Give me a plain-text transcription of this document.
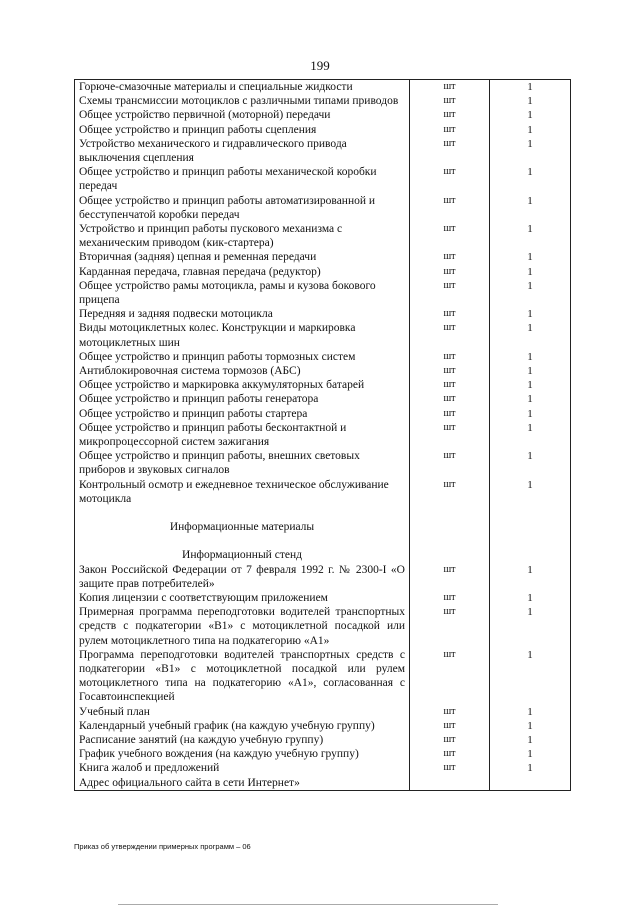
199
Горюче-смазочные материалы и специальные жидкости	шт	1
Схемы трансмиссии мотоциклов с различными типами приводов	шт	1
Общее устройство первичной (моторной) передачи	шт	1
Общее устройство и принцип работы сцепления	шт	1
Устройство механического и гидравлического привода выключения сцепления	шт	1
Общее устройство и принцип работы механической коробки передач	шт	1
Общее устройство и принцип работы автоматизированной и бесступенчатой коробки передач	шт	1
Устройство и принцип работы пускового механизма с механическим приводом (кик-стартера)	шт	1
Вторичная (задняя) цепная и ременная передачи	шт	1
Карданная передача, главная передача (редуктор)	шт	1
Общее устройство рамы мотоцикла, рамы и кузова бокового прицепа	шт	1
Передняя и задняя подвески мотоцикла	шт	1
Виды мотоциклетных колес. Конструкции и маркировка мотоциклетных шин	шт	1
Общее устройство и принцип работы тормозных систем	шт	1
Антиблокировочная система тормозов (АБС)	шт	1
Общее устройство и маркировка аккумуляторных батарей	шт	1
Общее устройство и принцип работы генератора	шт	1
Общее устройство и принцип работы стартера	шт	1
Общее устройство и принцип работы бесконтактной и микропроцессорной систем зажигания	шт	1
Общее устройство и принцип работы, внешних световых приборов и звуковых сигналов	шт	1
Контрольный осмотр и ежедневное техническое обслуживание мотоцикла	шт	1

Информационные материалы		

Информационный стенд		
Закон Российской Федерации от 7 февраля 1992 г. № 2300-I «О защите прав потребителей»	шт	1
Копия лицензии с соответствующим приложением	шт	1
Примерная программа переподготовки водителей транспортных средств с подкатегории «В1» с мотоциклетной посадкой или рулем мотоциклетного типа на подкатегорию «А1»	шт	1
Программа переподготовки водителей транспортных средств с подкатегории «В1» с мотоциклетной посадкой или рулем мотоциклетного типа на подкатегорию «А1», согласованная с Госавтоинспекцией	шт	1
Учебный план	шт	1
Календарный учебный график (на каждую учебную группу)	шт	1
Расписание занятий (на каждую учебную группу)	шт	1
График учебного вождения (на каждую учебную группу)	шт	1
Книга жалоб и предложений	шт	1
Адрес официального сайта в сети Интернет»		
Приказ об утверждении примерных программ – 06
